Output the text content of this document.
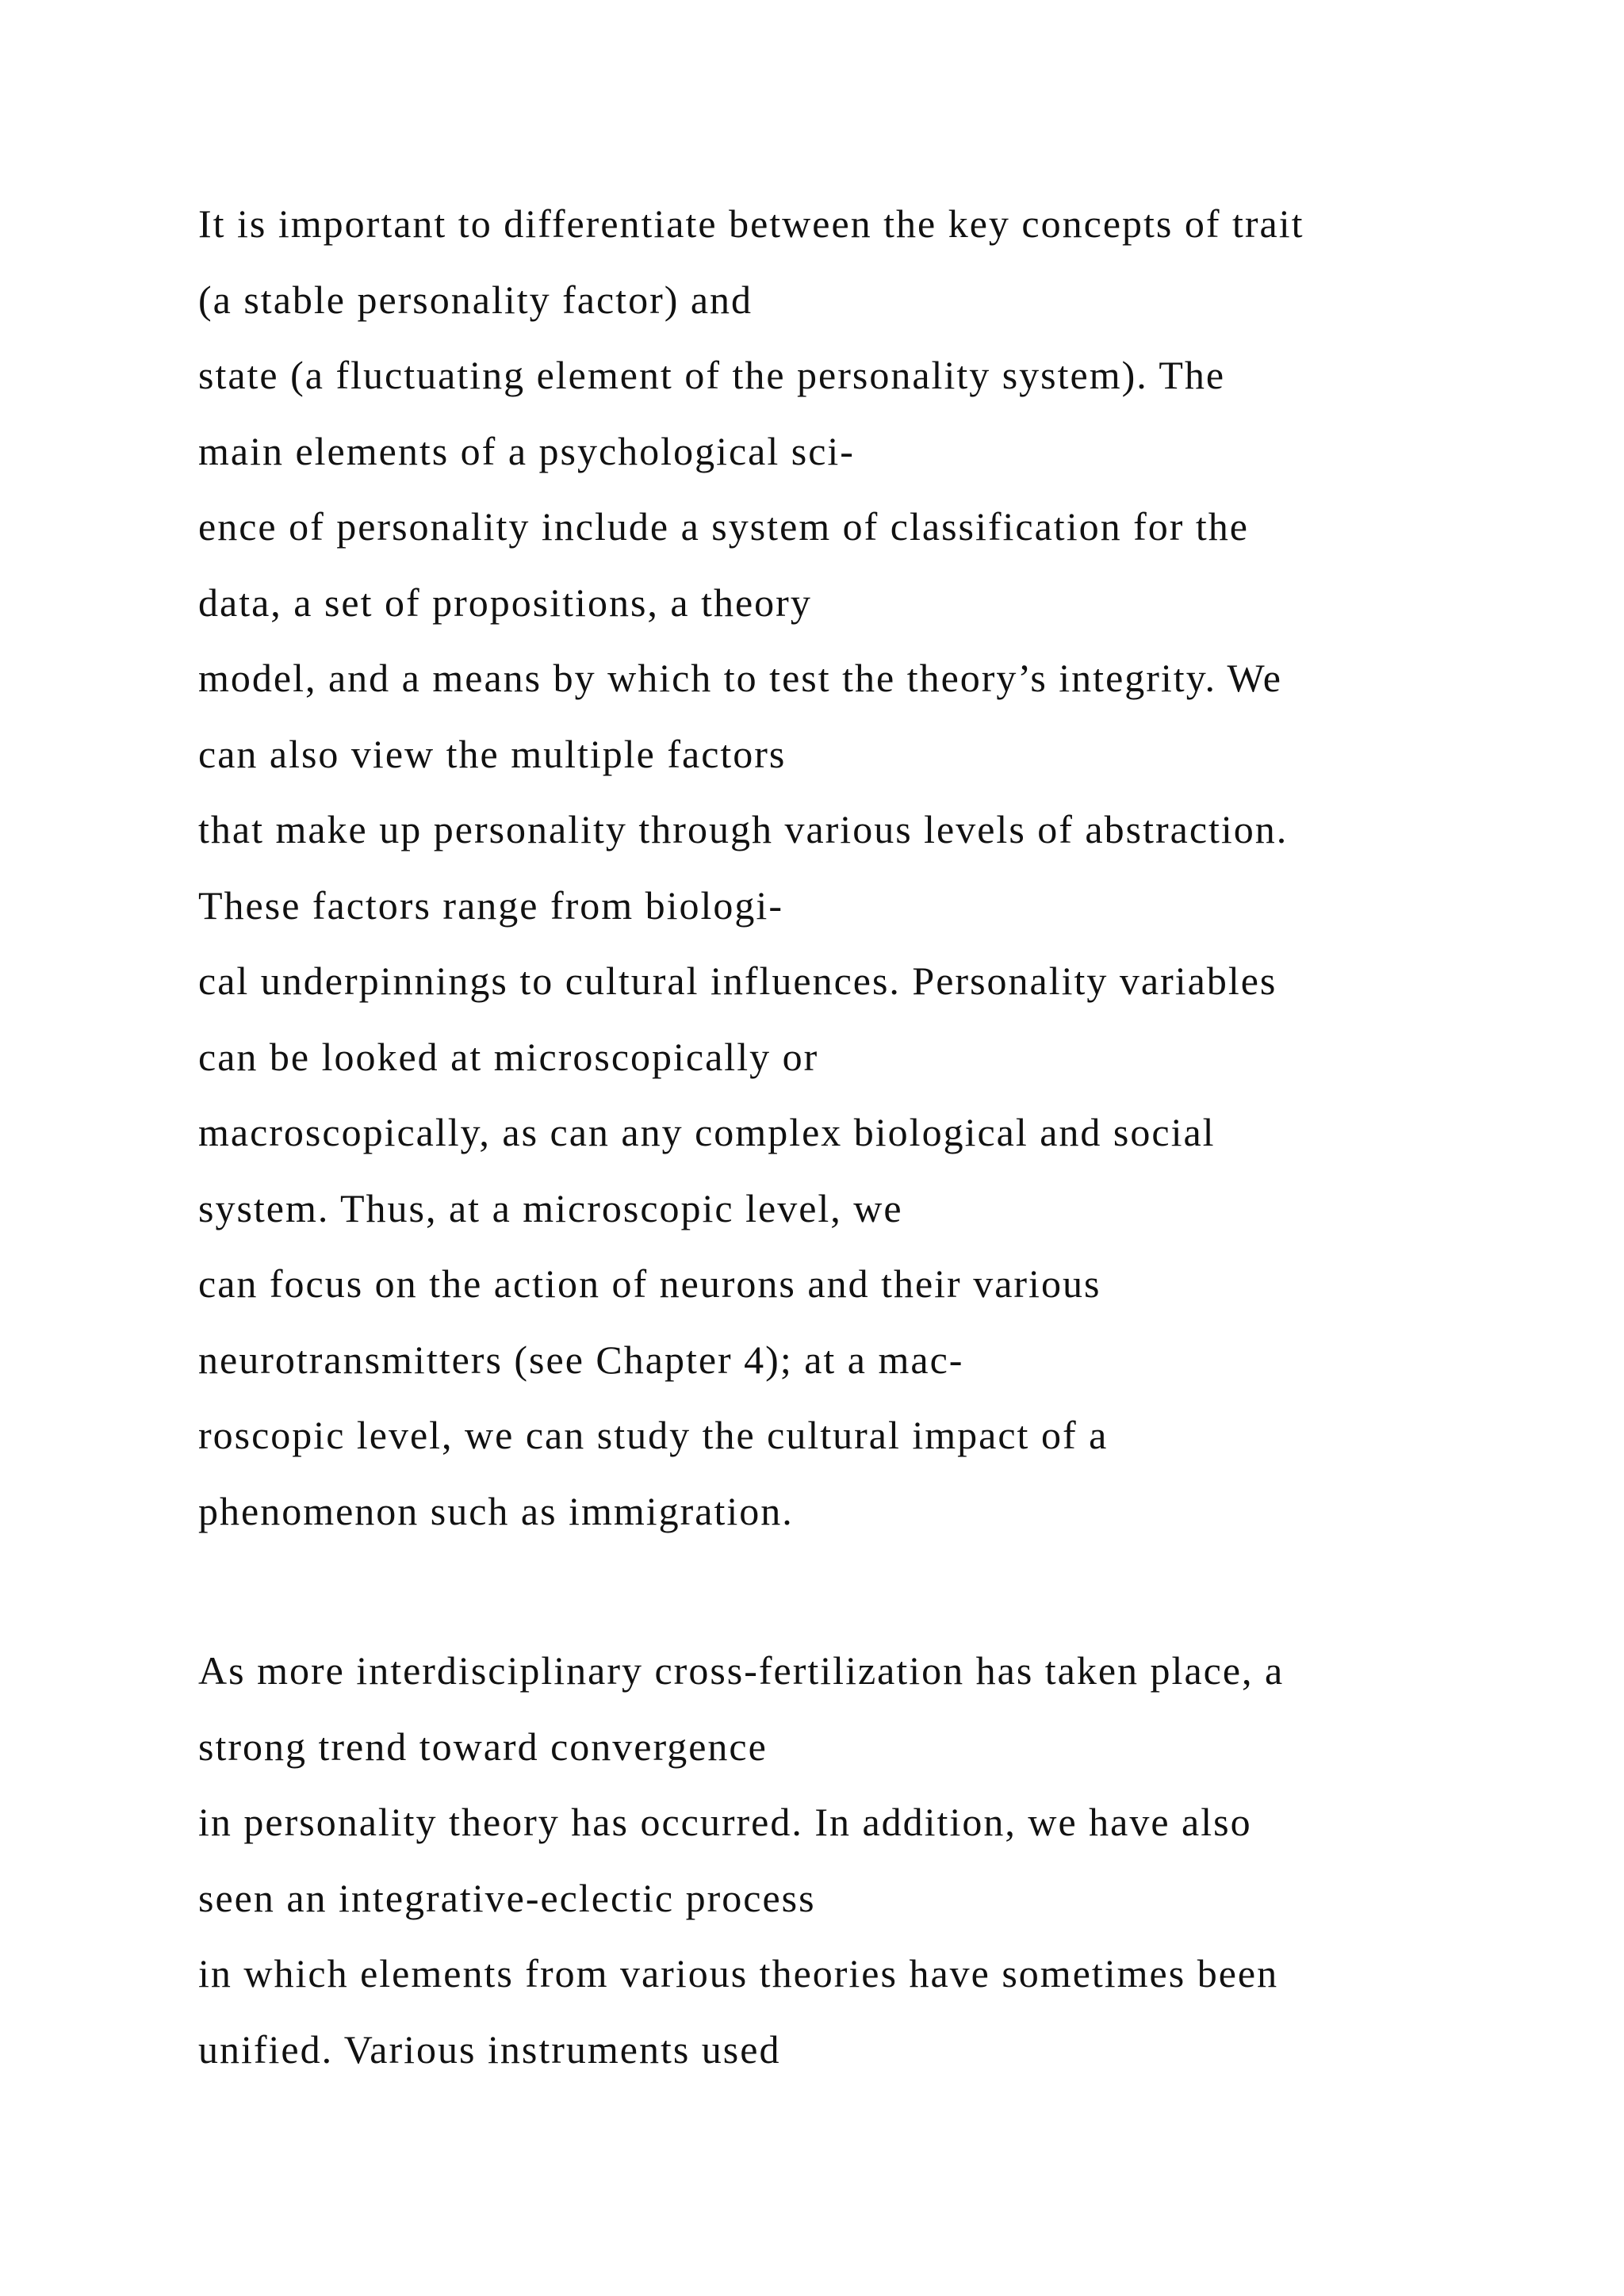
It is important to differentiate between the key concepts of trait
(a stable personality factor) and
state (a fluctuating element of the personality system). The
main elements of a psychological sci-
ence of personality include a system of classification for the
data, a set of propositions, a theory
model, and a means by which to test the theory’s integrity. We
can also view the multiple factors
that make up personality through various levels of abstraction.
These factors range from biologi-
cal underpinnings to cultural influences. Personality variables
can be looked at microscopically or
macroscopically, as can any complex biological and social
system. Thus, at a microscopic level, we
can focus on the action of neurons and their various
neurotransmitters (see Chapter 4); at a mac-
roscopic level, we can study the cultural impact of a
phenomenon such as immigration.

As more interdisciplinary cross-fertilization has taken place, a
strong trend toward convergence
in personality theory has occurred. In addition, we have also
seen an integrative-eclectic process
in which elements from various theories have sometimes been
unified. Various instruments used
